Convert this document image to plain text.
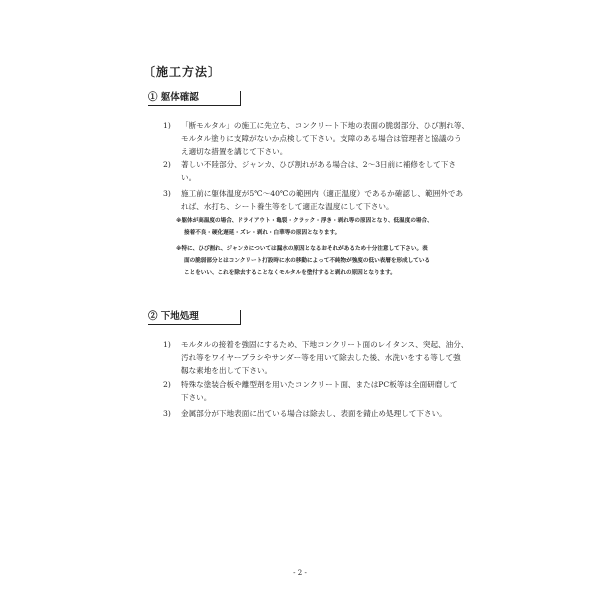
〔施工方法〕
① 躯体確認
1)	「断モルタル」の施工に先立ち、コンクリート下地の表面の脆弱部分、ひび割れ等、
モルタル塗りに支障がないか点検して下さい。支障のある場合は管理者と協議のう
え適切な措置を講じて下さい。
2)	著しい不陸部分、ジャンカ、ひび割れがある場合は、2〜3日前に補修をして下さ
い。
3)	施工前に躯体温度が5℃〜40℃の範囲内（適正温度）であるか確認し、範囲外であ
れば、水打ち、シート養生等をして適正な温度にして下さい。
※躯体が高温度の場合、ドライアウト・亀裂・クラック・浮き・剥れ等の原因となり、低温度の場合、
接着不良・硬化遅延・ズレ・剥れ・白華等の原因となります。
※特に、ひび割れ、ジャンカについては漏水の原因となるおそれがあるため十分注意して下さい。表
面の脆弱部分とはコンクリート打設時に水の移動によって不純物が強度の低い表層を形成している
ことをいい、これを除去することなくモルタルを塗付すると剥れの原因となります。
② 下地処理
1)	モルタルの接着を強固にするため、下地コンクリート面のレイタンス、突起、油分、
汚れ等をワイヤーブラシやサンダー等を用いて除去した後、水洗いをする等して強
靱な素地を出して下さい。
2)	特殊な塗装合板や離型剤を用いたコンクリート面、またはPC板等は全面研磨して
下さい。
3)	金属部分が下地表面に出ている場合は除去し、表面を錆止め処理して下さい。
- 2 -
